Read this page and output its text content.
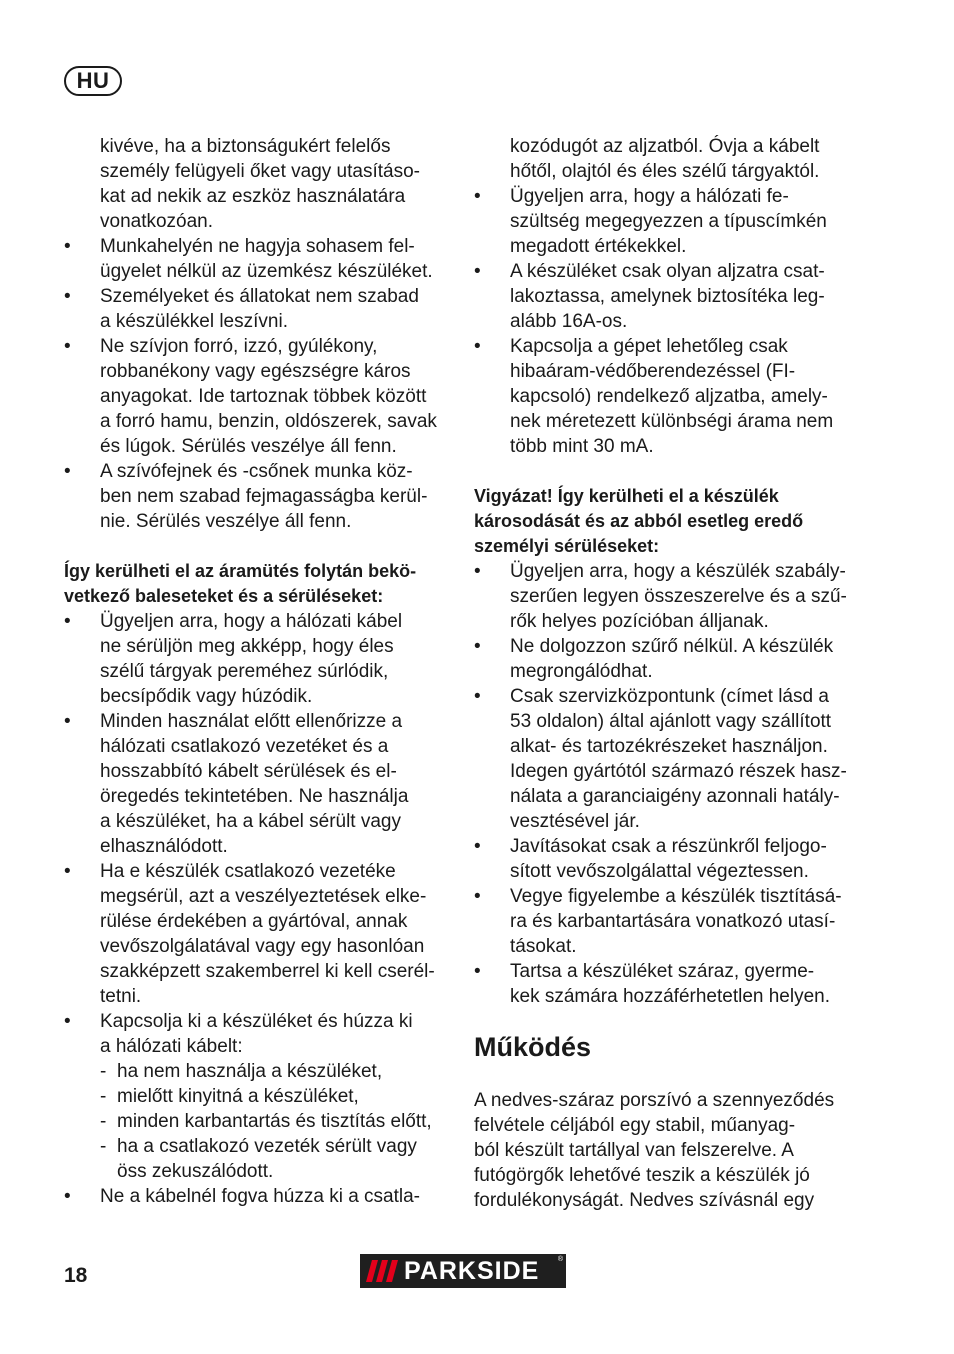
HU
kivéve, ha a biztonságukért felelős
személy felügyeli őket vagy utasításo-
kat ad nekik az eszköz használatára
vonatkozóan.
• Munkahelyén ne hagyja sohasem fel-
ügyelet nélkül az üzemkész készüléket.
• Személyeket és állatokat nem szabad
a készülékkel leszívni.
• Ne szívjon forró, izzó, gyúlékony,
robbanékony vagy egészségre káros
anyagokat. Ide tartoznak többek között
a forró hamu, benzin, oldószerek, savak
és lúgok. Sérülés veszélye áll fenn.
• A szívófejnek és -csőnek munka köz-
ben nem szabad fejmagasságba kerül-
nie. Sérülés veszélye áll fenn.
Így kerülheti el az áramütés folytán bekö-
vetkező baleseteket és a sérüléseket:
• Ügyeljen arra, hogy a hálózati kábel
ne sérüljön meg akképp, hogy éles
szélű tárgyak pereméhez súrlódik,
becsípődik vagy húzódik.
• Minden használat előtt ellenőrizze a
hálózati csatlakozó vezetéket és a
hosszabbító kábelt sérülések és el-
öregedés tekintetében. Ne használja
a készüléket, ha a kábel sérült vagy
elhasználódott.
• Ha e készülék csatlakozó vezetéke
megsérül, azt a veszélyeztetések elke-
rülése érdekében a gyártóval, annak
vevőszolgálatával vagy egy hasonlóan
szakképzett szakemberrel ki kell cserél-
tetni.
• Kapcsolja ki a készüléket és húzza ki
a hálózati kábelt:
- ha nem használja a készüléket,
- mielőtt kinyitná a készüléket,
- minden karbantartás és tisztítás előtt,
- ha a csatlakozó vezeték sérült vagy
öss zekuszálódott.
• Ne a kábelnél fogva húzza ki a csatla-
kozódugót az aljzatból. Óvja a kábelt
hőtől, olajtól és éles szélű tárgyaktól.
• Ügyeljen arra, hogy a hálózati fe-
szültség megegyezzen a típuscímkén
megadott értékekkel.
• A készüléket csak olyan aljzatra csat-
lakoztassa, amelynek biztosítéka leg-
alább 16A-os.
• Kapcsolja a gépet lehetőleg csak
hibaáram-védőberendezéssel (FI-
kapcsoló) rendelkező aljzatba, amely-
nek méretezett különbségi árama nem
több mint 30 mA.
Vigyázat! Így kerülheti el a készülék
károsodását és az abból esetleg eredő
személyi sérüléseket:
• Ügyeljen arra, hogy a készülék szabály-
szerűen legyen összeszerelve és a szű-
rők helyes pozícióban álljanak.
• Ne dolgozzon szűrő nélkül. A készülék
megrongálódhat.
• Csak szervizközpontunk (címet lásd a
53 oldalon) által ajánlott vagy szállított
alkat- és tartozékrészeket használjon.
Idegen gyártótól származó részek hasz-
nálata a garanciaigény azonnali hatály-
vesztésével jár.
• Javításokat csak a részünkről feljogo-
sított vevőszolgálattal végeztessen.
• Vegye figyelembe a készülék tisztításá-
ra és karbantartására vonatkozó utasí-
tásokat.
• Tartsa a készüléket száraz, gyerme-
kek számára hozzáférhetetlen helyen.
Működés
A nedves-száraz porszívó a szennyeződés
felvétele céljából egy stabil, műanyag-
ból készült tartállyal van felszerelve. A
futógörgők lehetővé teszik a készülék jó
fordulékonyságát. Nedves szívásnál egy
18	PARKSIDE	®
